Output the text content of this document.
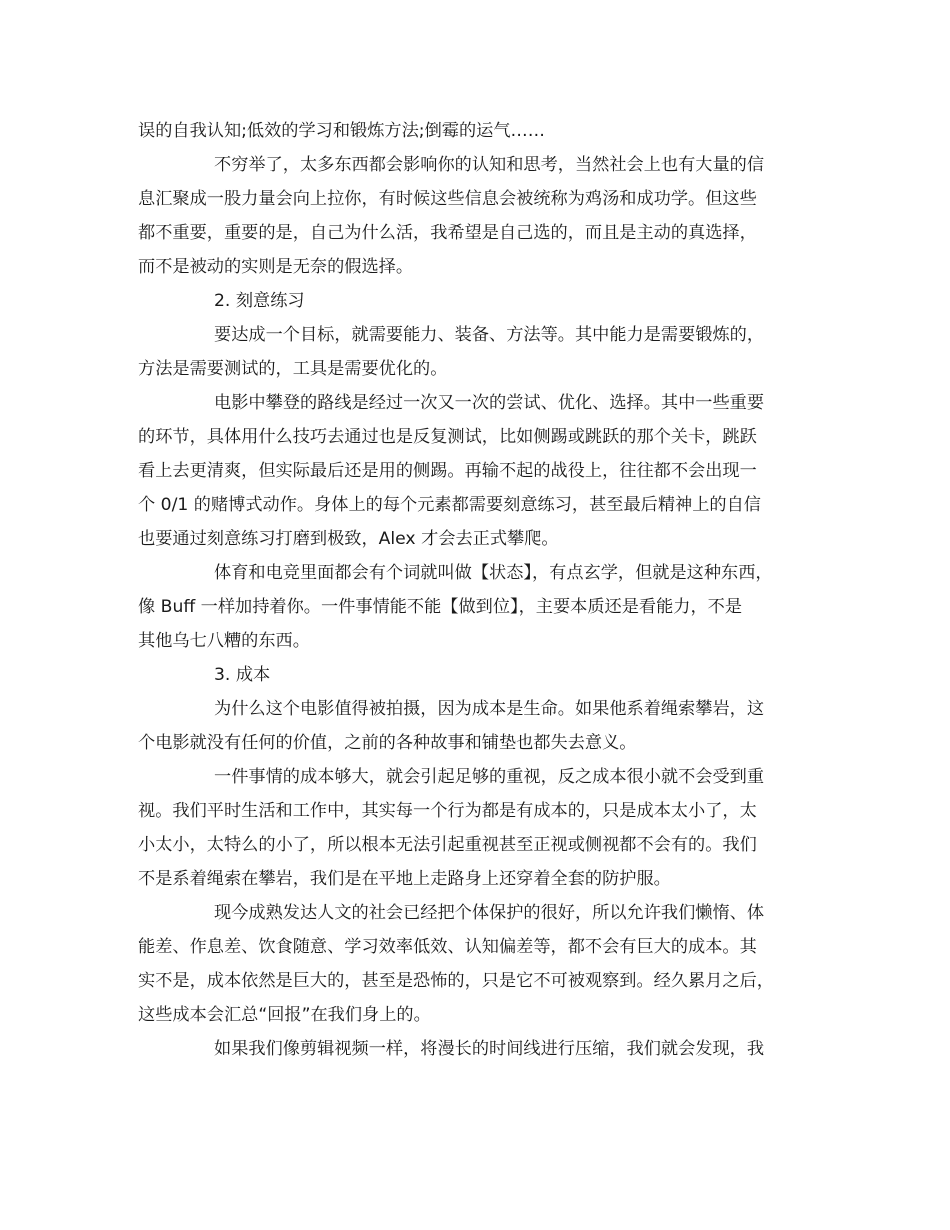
误的自我认知;低效的学习和锻炼方法;倒霉的运气……
不穷举了，太多东西都会影响你的认知和思考，当然社会上也有大量的信
息汇聚成一股力量会向上拉你，有时候这些信息会被统称为鸡汤和成功学。但这些
都不重要，重要的是，自己为什么活，我希望是自己选的，而且是主动的真选择，
而不是被动的实则是无奈的假选择。
2. 刻意练习
要达成一个目标，就需要能力、装备、方法等。其中能力是需要锻炼的，
方法是需要测试的，工具是需要优化的。
电影中攀登的路线是经过一次又一次的尝试、优化、选择。其中一些重要
的环节，具体用什么技巧去通过也是反复测试，比如侧踢或跳跃的那个关卡，跳跃
看上去更清爽，但实际最后还是用的侧踢。再输不起的战役上，往往都不会出现一
个 0/1 的赌博式动作。身体上的每个元素都需要刻意练习，甚至最后精神上的自信
也要通过刻意练习打磨到极致，Alex 才会去正式攀爬。
体育和电竞里面都会有个词就叫做【状态】，有点玄学，但就是这种东西，
像 Buff 一样加持着你。一件事情能不能【做到位】，主要本质还是看能力，不是
其他乌七八糟的东西。
3. 成本
为什么这个电影值得被拍摄，因为成本是生命。如果他系着绳索攀岩，这
个电影就没有任何的价值，之前的各种故事和铺垫也都失去意义。
一件事情的成本够大，就会引起足够的重视，反之成本很小就不会受到重
视。我们平时生活和工作中，其实每一个行为都是有成本的，只是成本太小了，太
小太小，太特么的小了，所以根本无法引起重视甚至正视或侧视都不会有的。我们
不是系着绳索在攀岩，我们是在平地上走路身上还穿着全套的防护服。
现今成熟发达人文的社会已经把个体保护的很好，所以允许我们懒惰、体
能差、作息差、饮食随意、学习效率低效、认知偏差等，都不会有巨大的成本。其
实不是，成本依然是巨大的，甚至是恐怖的，只是它不可被观察到。经久累月之后，
这些成本会汇总“回报”在我们身上的。
如果我们像剪辑视频一样，将漫长的时间线进行压缩，我们就会发现，我
